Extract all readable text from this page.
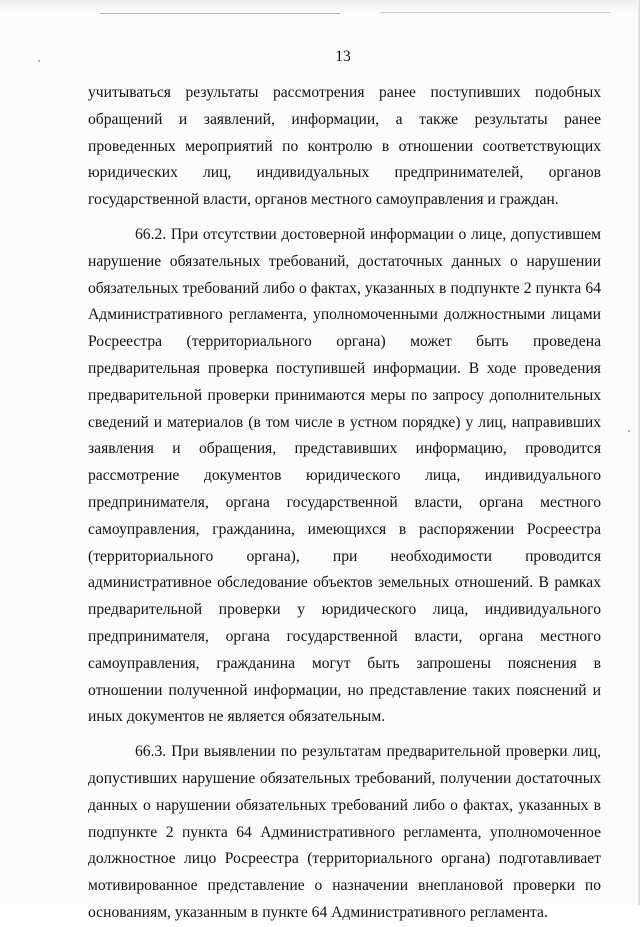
13

учитываться результаты рассмотрения ранее поступивших подобных обращений и заявлений, информации, а также результаты ранее проведенных мероприятий по контролю в отношении соответствующих юридических лиц, индивидуальных предпринимателей, органов государственной власти, органов местного самоуправления и граждан.

66.2. При отсутствии достоверной информации о лице, допустившем нарушение обязательных требований, достаточных данных о нарушении обязательных требований либо о фактах, указанных в подпункте 2 пункта 64 Административного регламента, уполномоченными должностными лицами Росреестра (территориального органа) может быть проведена предварительная проверка поступившей информации. В ходе проведения предварительной проверки принимаются меры по запросу дополнительных сведений и материалов (в том числе в устном порядке) у лиц, направивших заявления и обращения, представивших информацию, проводится рассмотрение документов юридического лица, индивидуального предпринимателя, органа государственной власти, органа местного самоуправления, гражданина, имеющихся в распоряжении Росреестра (территориального органа), при необходимости проводится административное обследование объектов земельных отношений. В рамках предварительной проверки у юридического лица, индивидуального предпринимателя, органа государственной власти, органа местного самоуправления, гражданина могут быть запрошены пояснения в отношении полученной информации, но представление таких пояснений и иных документов не является обязательным.

66.3. При выявлении по результатам предварительной проверки лиц, допустивших нарушение обязательных требований, получении достаточных данных о нарушении обязательных требований либо о фактах, указанных в подпункте 2 пункта 64 Административного регламента, уполномоченное должностное лицо Росреестра (территориального органа) подготавливает мотивированное представление о назначении внеплановой проверки по основаниям, указанным в пункте 64 Административного регламента.
